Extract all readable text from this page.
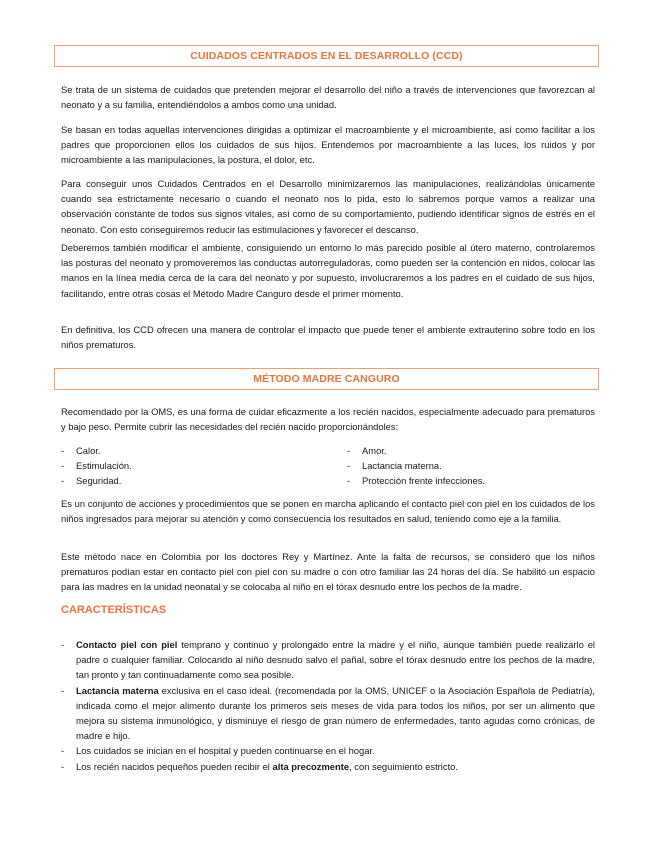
CUIDADOS CENTRADOS EN EL DESARROLLO (CCD)

Se trata de un sistema de cuidados que pretenden mejorar el desarrollo del niño a través de intervenciones que favorezcan al neonato y a su familia, entendiéndolos a ambos como una unidad.

Se basan en todas aquellas intervenciones dirigidas a optimizar el macroambiente y el microambiente, así como facilitar a los padres que proporcionen ellos los cuidados de sus hijos. Entendemos por macroambiente a las luces, los ruidos y por microambiente a las manipulaciones, la postura, el dolor, etc.

Para conseguir unos Cuidados Centrados en el Desarrollo minimizaremos las manipulaciones, realizándolas únicamente cuando sea estrictamente necesario o cuando el neonato nos lo pida, esto lo sabremos porque vamos a realizar una observación constante de todos sus signos vitales, así como de su comportamiento, pudiendo identificar signos de estrés en el neonato. Con esto conseguiremos reducir las estimulaciones y favorecer el descanso.

Deberemos también modificar el ambiente, consiguiendo un entorno lo más parecido posible al útero materno, controlaremos las posturas del neonato y promoveremos las conductas autorreguladoras, como pueden ser la contención en nidos, colocar las manos en la línea media cerca de la cara del neonato y por supuesto, involucraremos a los padres en el cuidado de sus hijos, facilitando, entre otras cosas el Método Madre Canguro desde el primer momento.

En definitiva, los CCD ofrecen una manera de controlar el impacto que puede tener el ambiente extrauterino sobre todo en los niños prematuros.

MÉTODO MADRE CANGURO

Recomendado por la OMS, es una forma de cuidar eficazmente a los recién nacidos, especialmente adecuado para prematuros y bajo peso. Permite cubrir las necesidades del recién nacido proporcionándoles:

- Calor.
- Estimulación.
- Seguridad.
- Amor.
- Lactancia materna.
- Protección frente infecciones.

Es un conjunto de acciones y procedimientos que se ponen en marcha aplicando el contacto piel con piel en los cuidados de los niños ingresados para mejorar su atención y como consecuencia los resultados en salud, teniendo como eje a la familia.

Este método nace en Colombia por los doctores Rey y Martínez. Ante la falta de recursos, se consideró que los niños prematuros podían estar en contacto piel con piel con su madre o con otro familiar las 24 horas del día. Se habilitó un espacio para las madres en la unidad neonatal y se colocaba al niño en el tórax desnudo entre los pechos de la madre.

CARACTERÍSTICAS
-	Contacto piel con piel temprano y continuo y prolongado entre la madre y el niño, aunque también puede realizarlo el padre o cualquier familiar. Colocando al niño desnudo salvo el pañal, sobre el tórax desnudo entre los pechos de la madre, tan pronto y tan continuadamente como sea posible.
-	Lactancia materna exclusiva en el caso ideal. (recomendada por la OMS, UNICEF o la Asociación Española de Pediatría), indicada como el mejor alimento durante los primeros seis meses de vida para todos los niños, por ser un alimento que mejora su sistema inmunológico, y disminuye el riesgo de gran número de enfermedades, tanto agudas como crónicas, de madre e hijo.
-	Los cuidados se inician en el hospital y pueden continuarse en el hogar.
-	Los recién nacidos pequeños pueden recibir el alta precozmente, con seguimiento estricto.
